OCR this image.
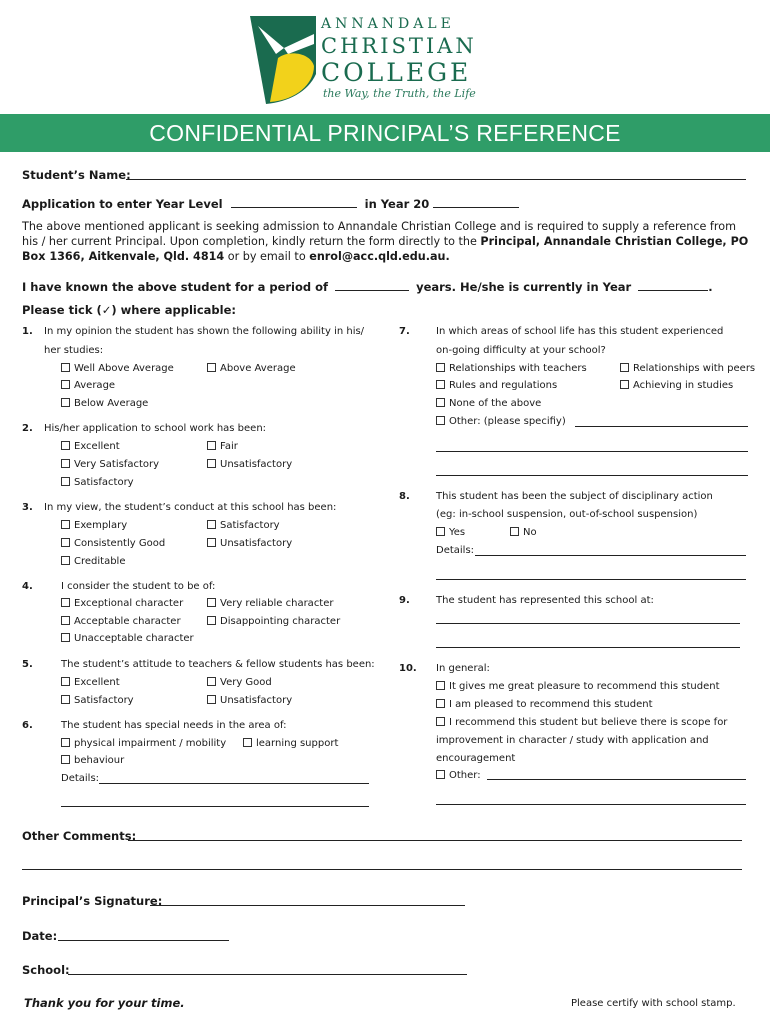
ANNANDALE
CHRISTIAN
COLLEGE
the Way, the Truth, the Life
CONFIDENTIAL PRINCIPAL’S REFERENCE
Student’s Name:
Application to enter Year Level	in Year 20
The above mentioned applicant is seeking admission to Annandale Christian College and is required to supply a reference from his / her current Principal. Upon completion, kindly return the form directly to the Principal, Annandale Christian College, PO Box 1366, Aitkenvale, Qld. 4814 or by email to enrol@acc.qld.edu.au.
I have known the above student for a period of	years. He/she is currently in Year	.
Please tick (✓) where applicable:
1. In my opinion the student has shown the following ability in his/
her studies:
Well Above Average	Above Average
Average
Below Average
2. His/her application to school work has been:
Excellent	Fair
Very Satisfactory	Unsatisfactory
Satisfactory
3. In my view, the student’s conduct at this school has been:
Exemplary	Satisfactory
Consistently Good	Unsatisfactory
Creditable
4.	I consider the student to be of:
Exceptional character	Very reliable character
Acceptable character	Disappointing character
Unacceptable character
5.	The student’s attitude to teachers & fellow students has been:
Excellent	Very Good
Satisfactory	Unsatisfactory
6.	The student has special needs in the area of:
physical impairment / mobility	learning support
behaviour
Details:
7.	In which areas of school life has this student experienced
on-going difficulty at your school?
Relationships with teachers	Relationships with peers
Rules and regulations	Achieving in studies
None of the above
Other: (please specifiy)
8.	This student has been the subject of disciplinary action
(eg: in-school suspension, out-of-school suspension)
Yes	No
Details:
9.	The student has represented this school at:
10. In general:
It gives me great pleasure to recommend this student
I am pleased to recommend this student
I recommend this student but believe there is scope for
improvement in character / study with application and
encouragement
Other:
Other Comments:
Principal’s Signature:
Date:
School:
Thank you for your time.	Please certify with school stamp.
